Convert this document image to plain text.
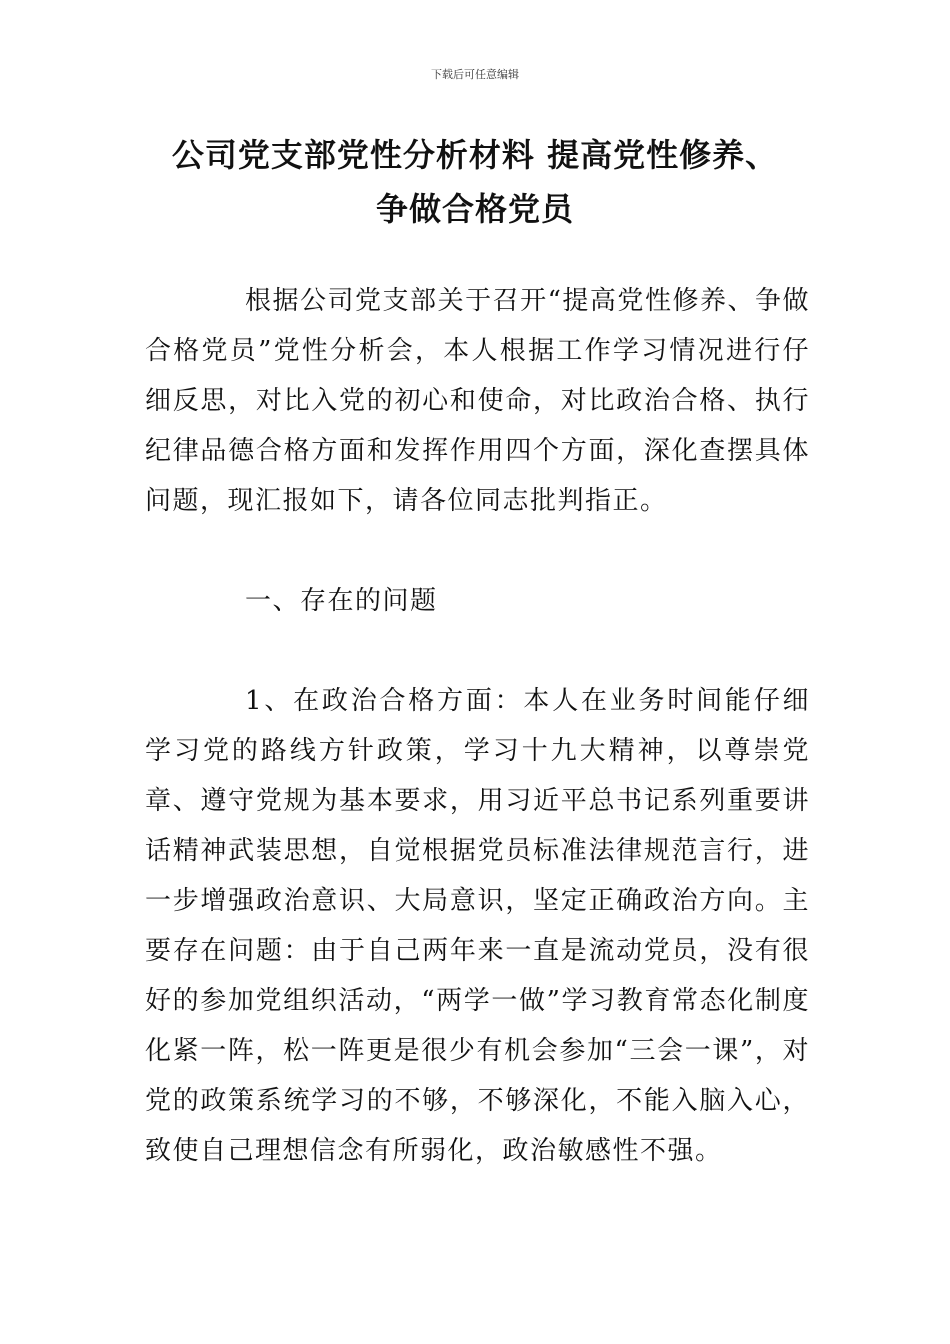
下载后可任意编辑
公司党支部党性分析材料 提高党性修养、
争做合格党员
根据公司党支部关于召开“提高党性修养、争做合格党员”党性分析会，本人根据工作学习情况进行仔细反思，对比入党的初心和使命，对比政治合格、执行纪律品德合格方面和发挥作用四个方面，深化查摆具体问题，现汇报如下，请各位同志批判指正。
一、存在的问题
1、在政治合格方面：本人在业务时间能仔细学习党的路线方针政策，学习十九大精神，以尊崇党章、遵守党规为基本要求，用习近平总书记系列重要讲话精神武装思想，自觉根据党员标准法律规范言行，进一步增强政治意识、大局意识，坚定正确政治方向。主要存在问题：由于自己两年来一直是流动党员，没有很好的参加党组织活动，“两学一做”学习教育常态化制度化紧一阵，松一阵更是很少有机会参加“三会一课”，对党的政策系统学习的不够，不够深化，不能入脑入心，致使自己理想信念有所弱化，政治敏感性不强。
